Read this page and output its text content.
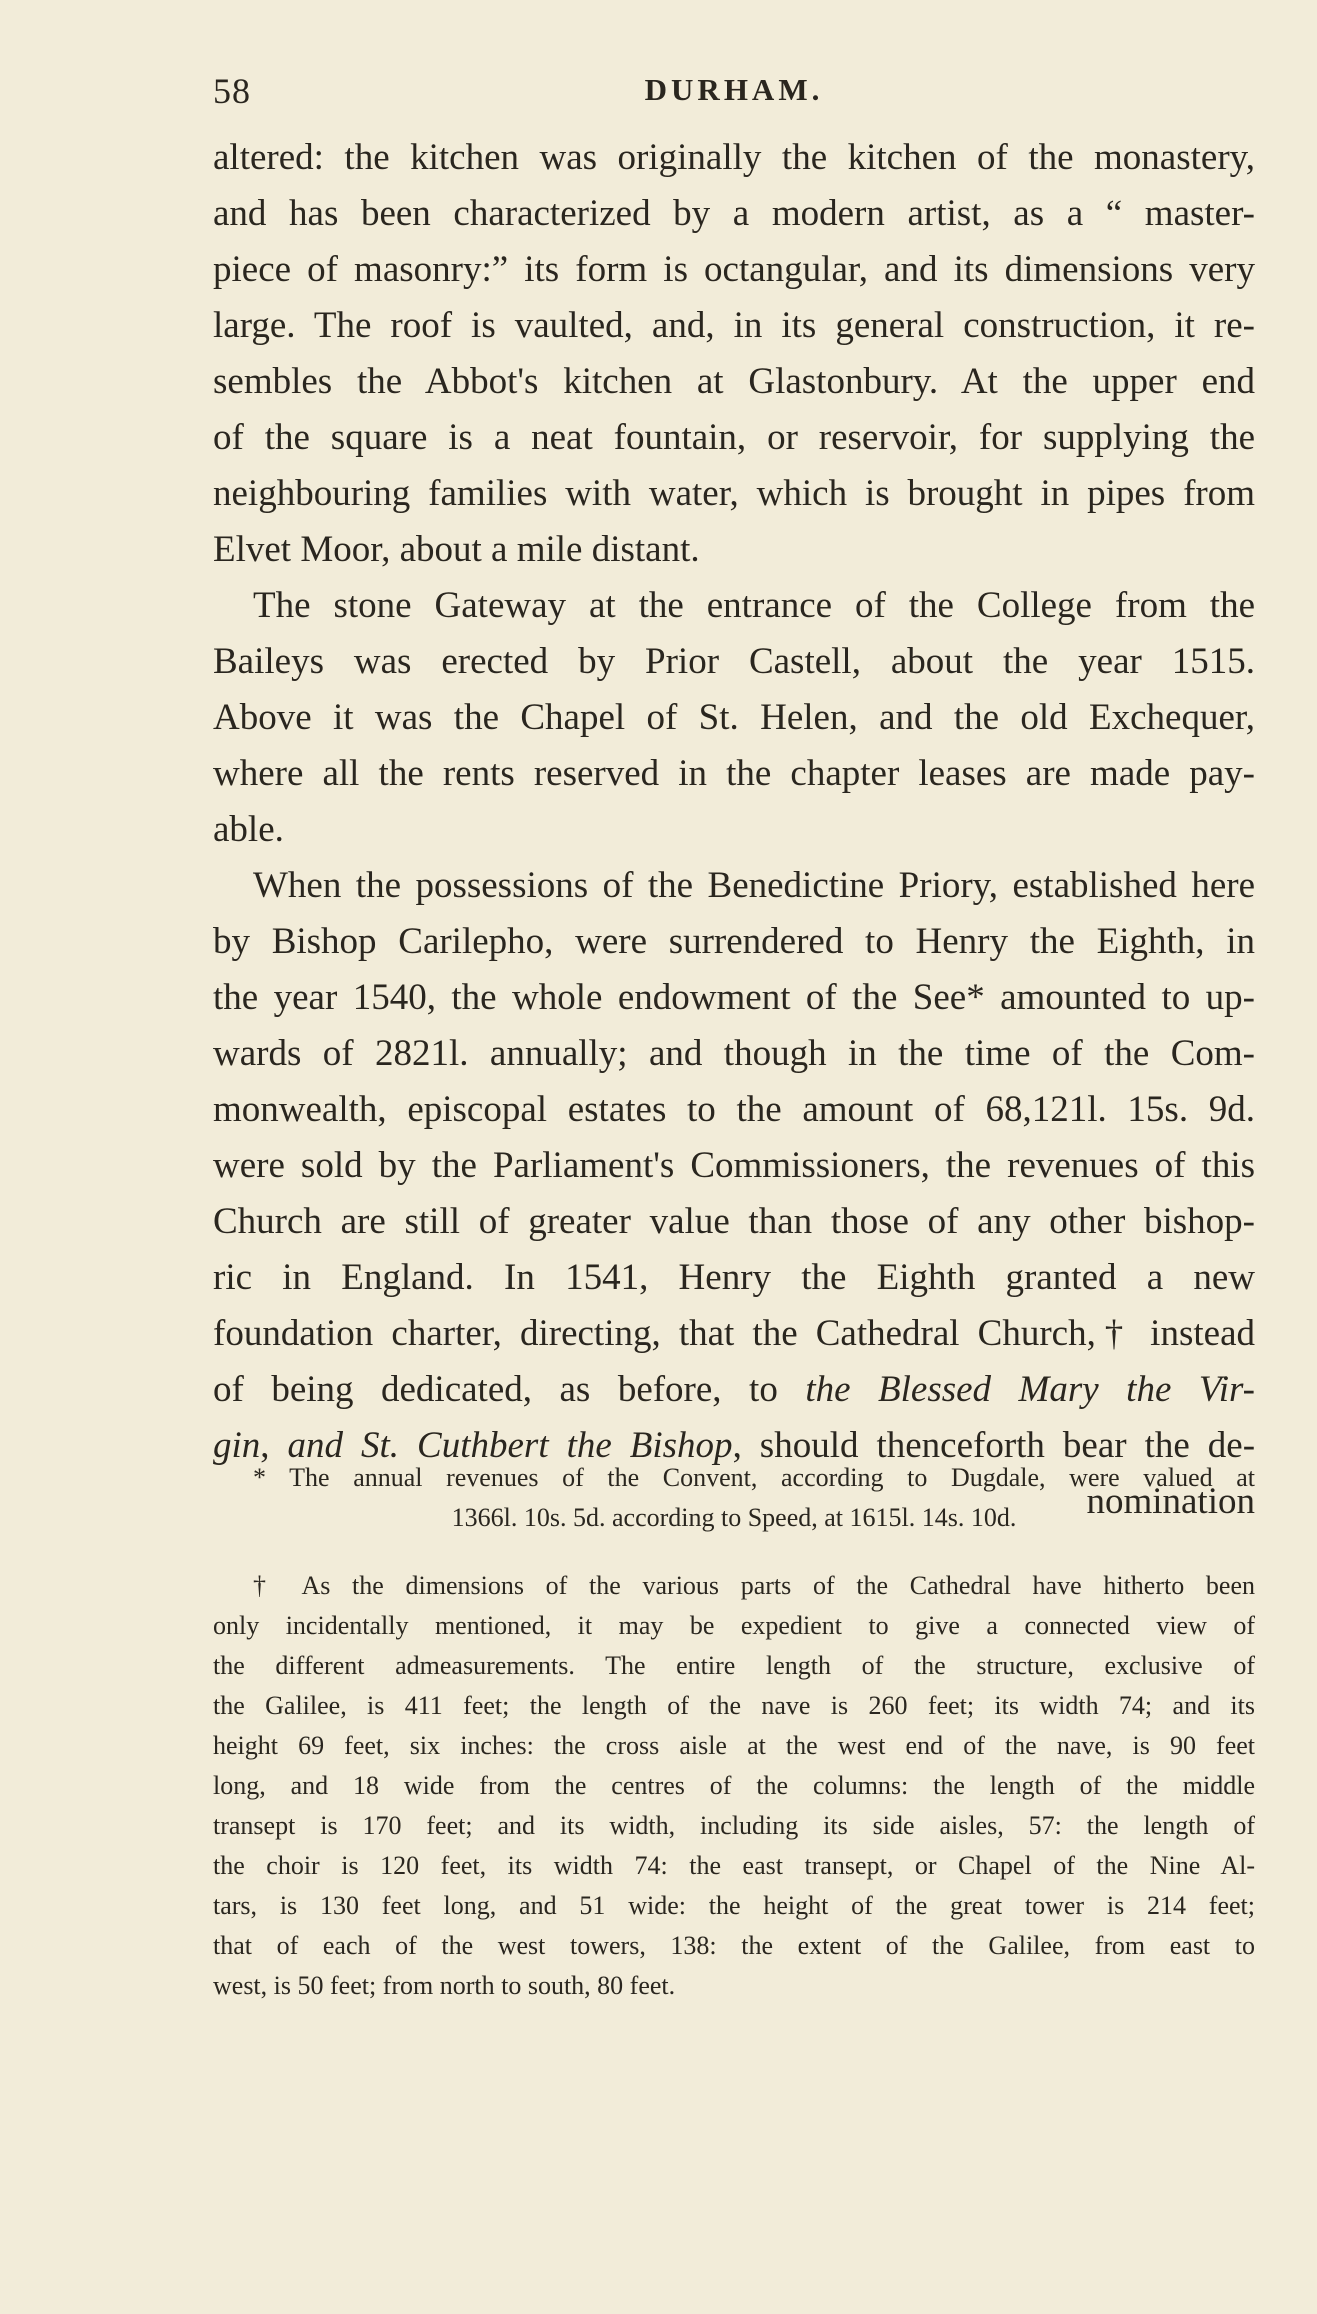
58	DURHAM.
altered: the kitchen was originally the kitchen of the monastery,
and has been characterized by a modern artist, as a “ master-
piece of masonry:” its form is octangular, and its dimensions very
large. The roof is vaulted, and, in its general construction, it re-
sembles the Abbot's kitchen at Glastonbury. At the upper end
of the square is a neat fountain, or reservoir, for supplying the
neighbouring families with water, which is brought in pipes from
Elvet Moor, about a mile distant.
The stone Gateway at the entrance of the College from the
Baileys was erected by Prior Castell, about the year 1515.
Above it was the Chapel of St. Helen, and the old Exchequer,
where all the rents reserved in the chapter leases are made pay-
able.
When the possessions of the Benedictine Priory, established here
by Bishop Carilepho, were surrendered to Henry the Eighth, in
the year 1540, the whole endowment of the See* amounted to up-
wards of 2821l. annually; and though in the time of the Com-
monwealth, episcopal estates to the amount of 68,121l. 15s. 9d.
were sold by the Parliament's Commissioners, the revenues of this
Church are still of greater value than those of any other bishop-
ric in England. In 1541, Henry the Eighth granted a new
foundation charter, directing, that the Cathedral Church,† instead
of being dedicated, as before, to the Blessed Mary the Vir-
gin, and St. Cuthbert the Bishop, should thenceforth bear the de-
nomination
* The annual revenues of the Convent, according to Dugdale, were valued at
1366l. 10s. 5d. according to Speed, at 1615l. 14s. 10d.
† As the dimensions of the various parts of the Cathedral have hitherto been
only incidentally mentioned, it may be expedient to give a connected view of
the different admeasurements. The entire length of the structure, exclusive of
the Galilee, is 411 feet; the length of the nave is 260 feet; its width 74; and its
height 69 feet, six inches: the cross aisle at the west end of the nave, is 90 feet
long, and 18 wide from the centres of the columns: the length of the middle
transept is 170 feet; and its width, including its side aisles, 57: the length of
the choir is 120 feet, its width 74: the east transept, or Chapel of the Nine Al-
tars, is 130 feet long, and 51 wide: the height of the great tower is 214 feet;
that of each of the west towers, 138: the extent of the Galilee, from east to
west, is 50 feet; from north to south, 80 feet.
